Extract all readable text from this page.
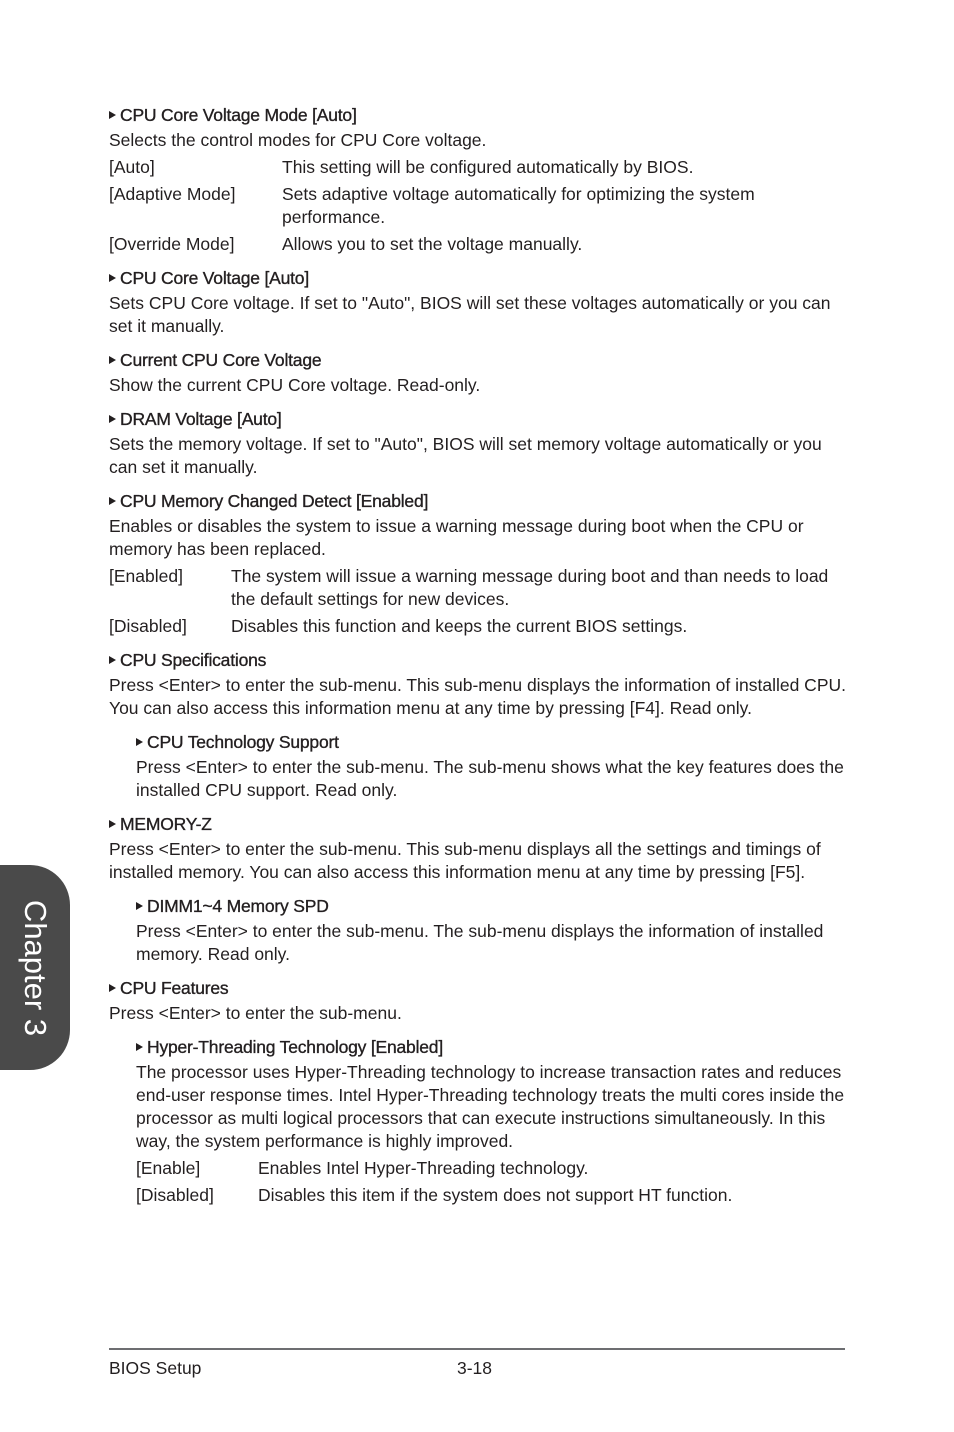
Chapter 3
CPU Core Voltage Mode [Auto]

Selects the control modes for CPU Core voltage.

[Auto]	This setting will be configured automatically by BIOS.
[Adaptive Mode]	Sets adaptive voltage automatically for optimizing the system performance.
[Override Mode]	Allows you to set the voltage manually.
CPU Core Voltage [Auto]

Sets CPU Core voltage. If set to "Auto", BIOS will set these voltages automatically or you can set it manually.

Current CPU Core Voltage

Show the current CPU Core voltage. Read-only.

DRAM Voltage [Auto]

Sets the memory voltage. If set to "Auto", BIOS will set memory voltage automatically or you can set it manually.

CPU Memory Changed Detect [Enabled]

Enables or disables the system to issue a warning message during boot when the CPU or memory has been replaced.

[Enabled]	The system will issue a warning message during boot and than needs to load the default settings for new devices.
[Disabled]	Disables this function and keeps the current BIOS settings.
CPU Specifications

Press <Enter> to enter the sub-menu. This sub-menu displays the information of installed CPU. You can also access this information menu at any time by pressing [F4]. Read only.

CPU Technology Support

Press <Enter> to enter the sub-menu. The sub-menu shows what the key features does the installed CPU support. Read only.

MEMORY-Z

Press <Enter> to enter the sub-menu. This sub-menu displays all the settings and timings of installed memory. You can also access this information menu at any time by pressing [F5].

DIMM1~4 Memory SPD

Press <Enter> to enter the sub-menu. The sub-menu displays the information of installed memory. Read only.

CPU Features

Press <Enter> to enter the sub-menu.

Hyper-Threading Technology [Enabled]

The processor uses Hyper-Threading technology to increase transaction rates and reduces end-user response times. Intel Hyper-Threading technology treats the multi cores inside the processor as multi logical processors that can execute instructions simultaneously. In this way, the system performance is highly improved.

[Enable]	Enables Intel Hyper-Threading technology.
[Disabled]	Disables this item if the system does not support HT function.
BIOS Setup	3-18
